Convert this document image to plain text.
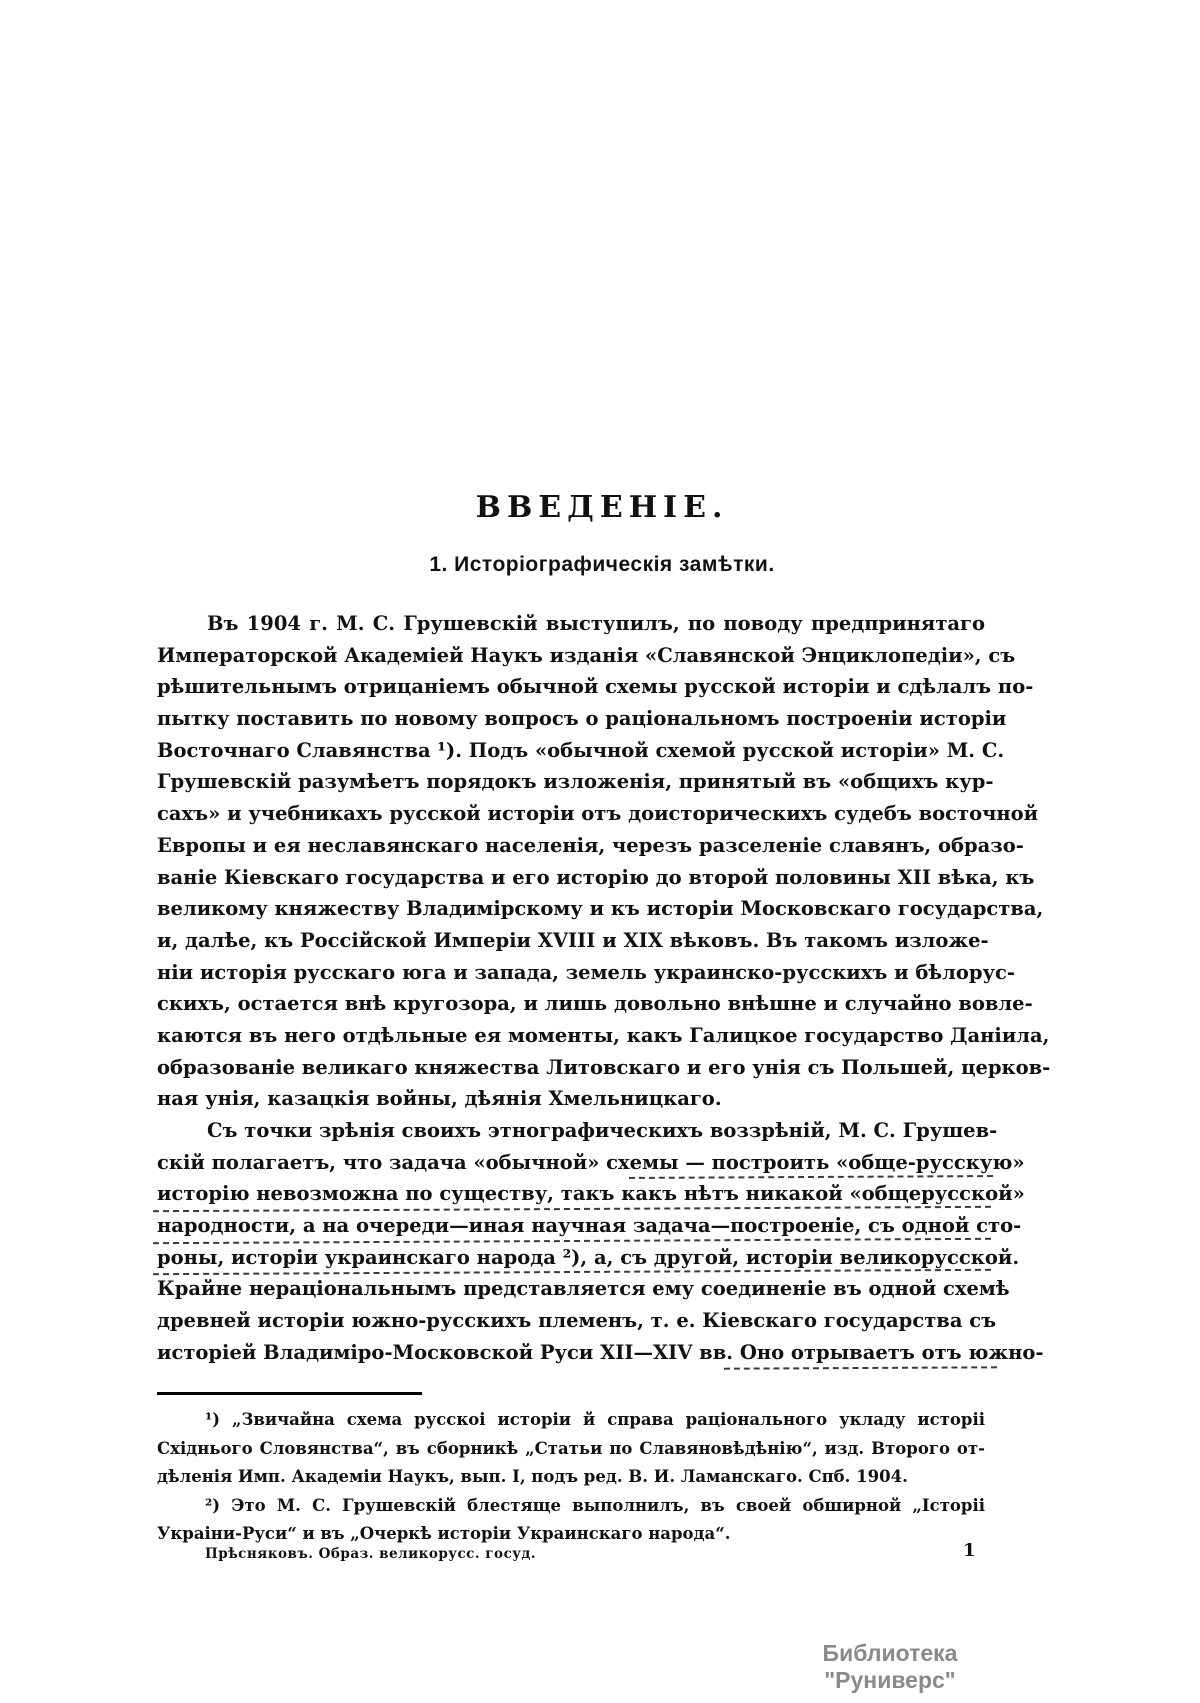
ВВЕДЕНІЕ.
1. Исторіографическія замѣтки.
Въ 1904 г. М. С. Грушевскій выступилъ, по поводу предпринятаго
Императорской Академіей Наукъ изданія «Славянской Энциклопедіи», съ
рѣшительнымъ отрицаніемъ обычной схемы русской исторіи и сдѣлалъ по-
пытку поставить по новому вопросъ о раціональномъ построеніи исторіи
Восточнаго Славянства ¹). Подъ «обычной схемой русской исторіи» М. С.
Грушевскій разумѣетъ порядокъ изложенія, принятый въ «общихъ кур-
сахъ» и учебникахъ русской исторіи отъ доисторическихъ судебъ восточной
Европы и ея неславянскаго населенія, черезъ разселеніе славянъ, образо-
ваніе Кіевскаго государства и его исторію до второй половины XII вѣка, къ
великому княжеству Владимірскому и къ исторіи Московскаго государства,
и, далѣе, къ Россійской Имперіи XVIII и XIX вѣковъ. Въ такомъ изложе-
ніи исторія русскаго юга и запада, земель украинско-русскихъ и бѣлорус-
скихъ, остается внѣ кругозора, и лишь довольно внѣшне и случайно вовле-
каются въ него отдѣльные ея моменты, какъ Галицкое государство Даніила,
образованіе великаго княжества Литовскаго и его унія съ Польшей, церков-
ная унія, казацкія войны, дѣянія Хмельницкаго.
Съ точки зрѣнія своихъ этнографическихъ воззрѣній, М. С. Грушев-
скій полагаетъ, что задача «обычной» схемы — построить «обще-русскую»
исторію невозможна по существу, такъ какъ нѣтъ никакой «общерусской»
народности, а на очереди—иная научная задача—построеніе, съ одной сто-
роны, исторіи украинскаго народа ²), а, съ другой, исторіи великорусской.
Крайне нераціональнымъ представляется ему соединеніе въ одной схемѣ
древней исторіи южно-русскихъ племенъ, т. е. Кіевскаго государства съ
исторіей Владиміро-Московской Руси XII—XIV вв. Оно отрываетъ отъ южно-
¹) „Звичайна схема русскоі исторіи й справа раціонального укладу исторіі
Східнього Словянства“, въ сборникѣ „Статьи по Славяновѣдѣнію“, изд. Второго от-
дѣленія Имп. Академіи Наукъ, вып. I, подъ ред. В. И. Ламанскаго. Спб. 1904.
²) Это М. С. Грушевскій блестяще выполнилъ, въ своей обширной „Історіі
Украіни-Руси“ и въ „Очеркѣ исторіи Украинскаго народа“.
Прѣсняковъ. Образ. великорусс. госуд.	1
Библиотека "Руниверс"
